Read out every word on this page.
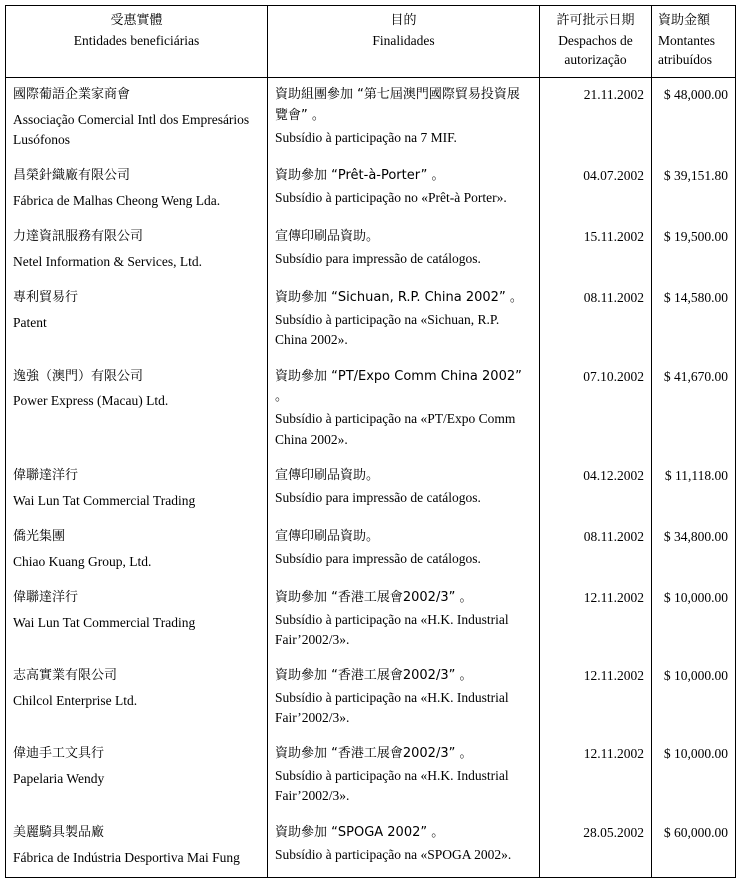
受惠實體
Entidades beneficiárias	目的
Finalidades	許可批示日期
Despachos de
autorização	資助金額
Montantes
atribuídos

國際葡語企業家商會
Associação Comercial Intl dos Empresários Lusófonos	資助組團參加 “第七屆澳門國際貿易投資展覽會” 。
Subsídio à participação na 7 MIF.	21.11.2002	$ 48,000.00

昌榮針織廠有限公司
Fábrica de Malhas Cheong Weng Lda.	資助參加 “Prêt-à-Porter” 。
Subsídio à participação no «Prêt-à Porter».	04.07.2002	$ 39,151.80

力達資訊服務有限公司
Netel Information & Services, Ltd.	宣傳印刷品資助。
Subsídio para impressão de catálogos.	15.11.2002	$ 19,500.00

專利貿易行
Patent	資助參加 “Sichuan, R.P. China 2002” 。
Subsídio à participação na «Sichuan, R.P. China 2002».	08.11.2002	$ 14,580.00

逸強（澳門）有限公司
Power Express (Macau) Ltd.	資助參加 “PT/Expo Comm China 2002” 。
Subsídio à participação na «PT/Expo Comm China 2002».	07.10.2002	$ 41,670.00

偉聯達洋行
Wai Lun Tat Commercial Trading	宣傳印刷品資助。
Subsídio para impressão de catálogos.	04.12.2002	$ 11,118.00

僑光集團
Chiao Kuang Group, Ltd.	宣傳印刷品資助。
Subsídio para impressão de catálogos.	08.11.2002	$ 34,800.00

偉聯達洋行
Wai Lun Tat Commercial Trading	資助參加 “香港工展會2002/3” 。
Subsídio à participação na «H.K. Industrial Fair’2002/3».	12.11.2002	$ 10,000.00

志高實業有限公司
Chilcol Enterprise Ltd.	資助參加 “香港工展會2002/3” 。
Subsídio à participação na «H.K. Industrial Fair’2002/3».	12.11.2002	$ 10,000.00

偉迪手工文具行
Papelaria Wendy	資助參加 “香港工展會2002/3” 。
Subsídio à participação na «H.K. Industrial Fair’2002/3».	12.11.2002	$ 10,000.00

美麗騎具製品廠
Fábrica de Indústria Desportiva Mai Fung	資助參加 “SPOGA 2002” 。
Subsídio à participação na «SPOGA 2002».	28.05.2002	$ 60,000.00
